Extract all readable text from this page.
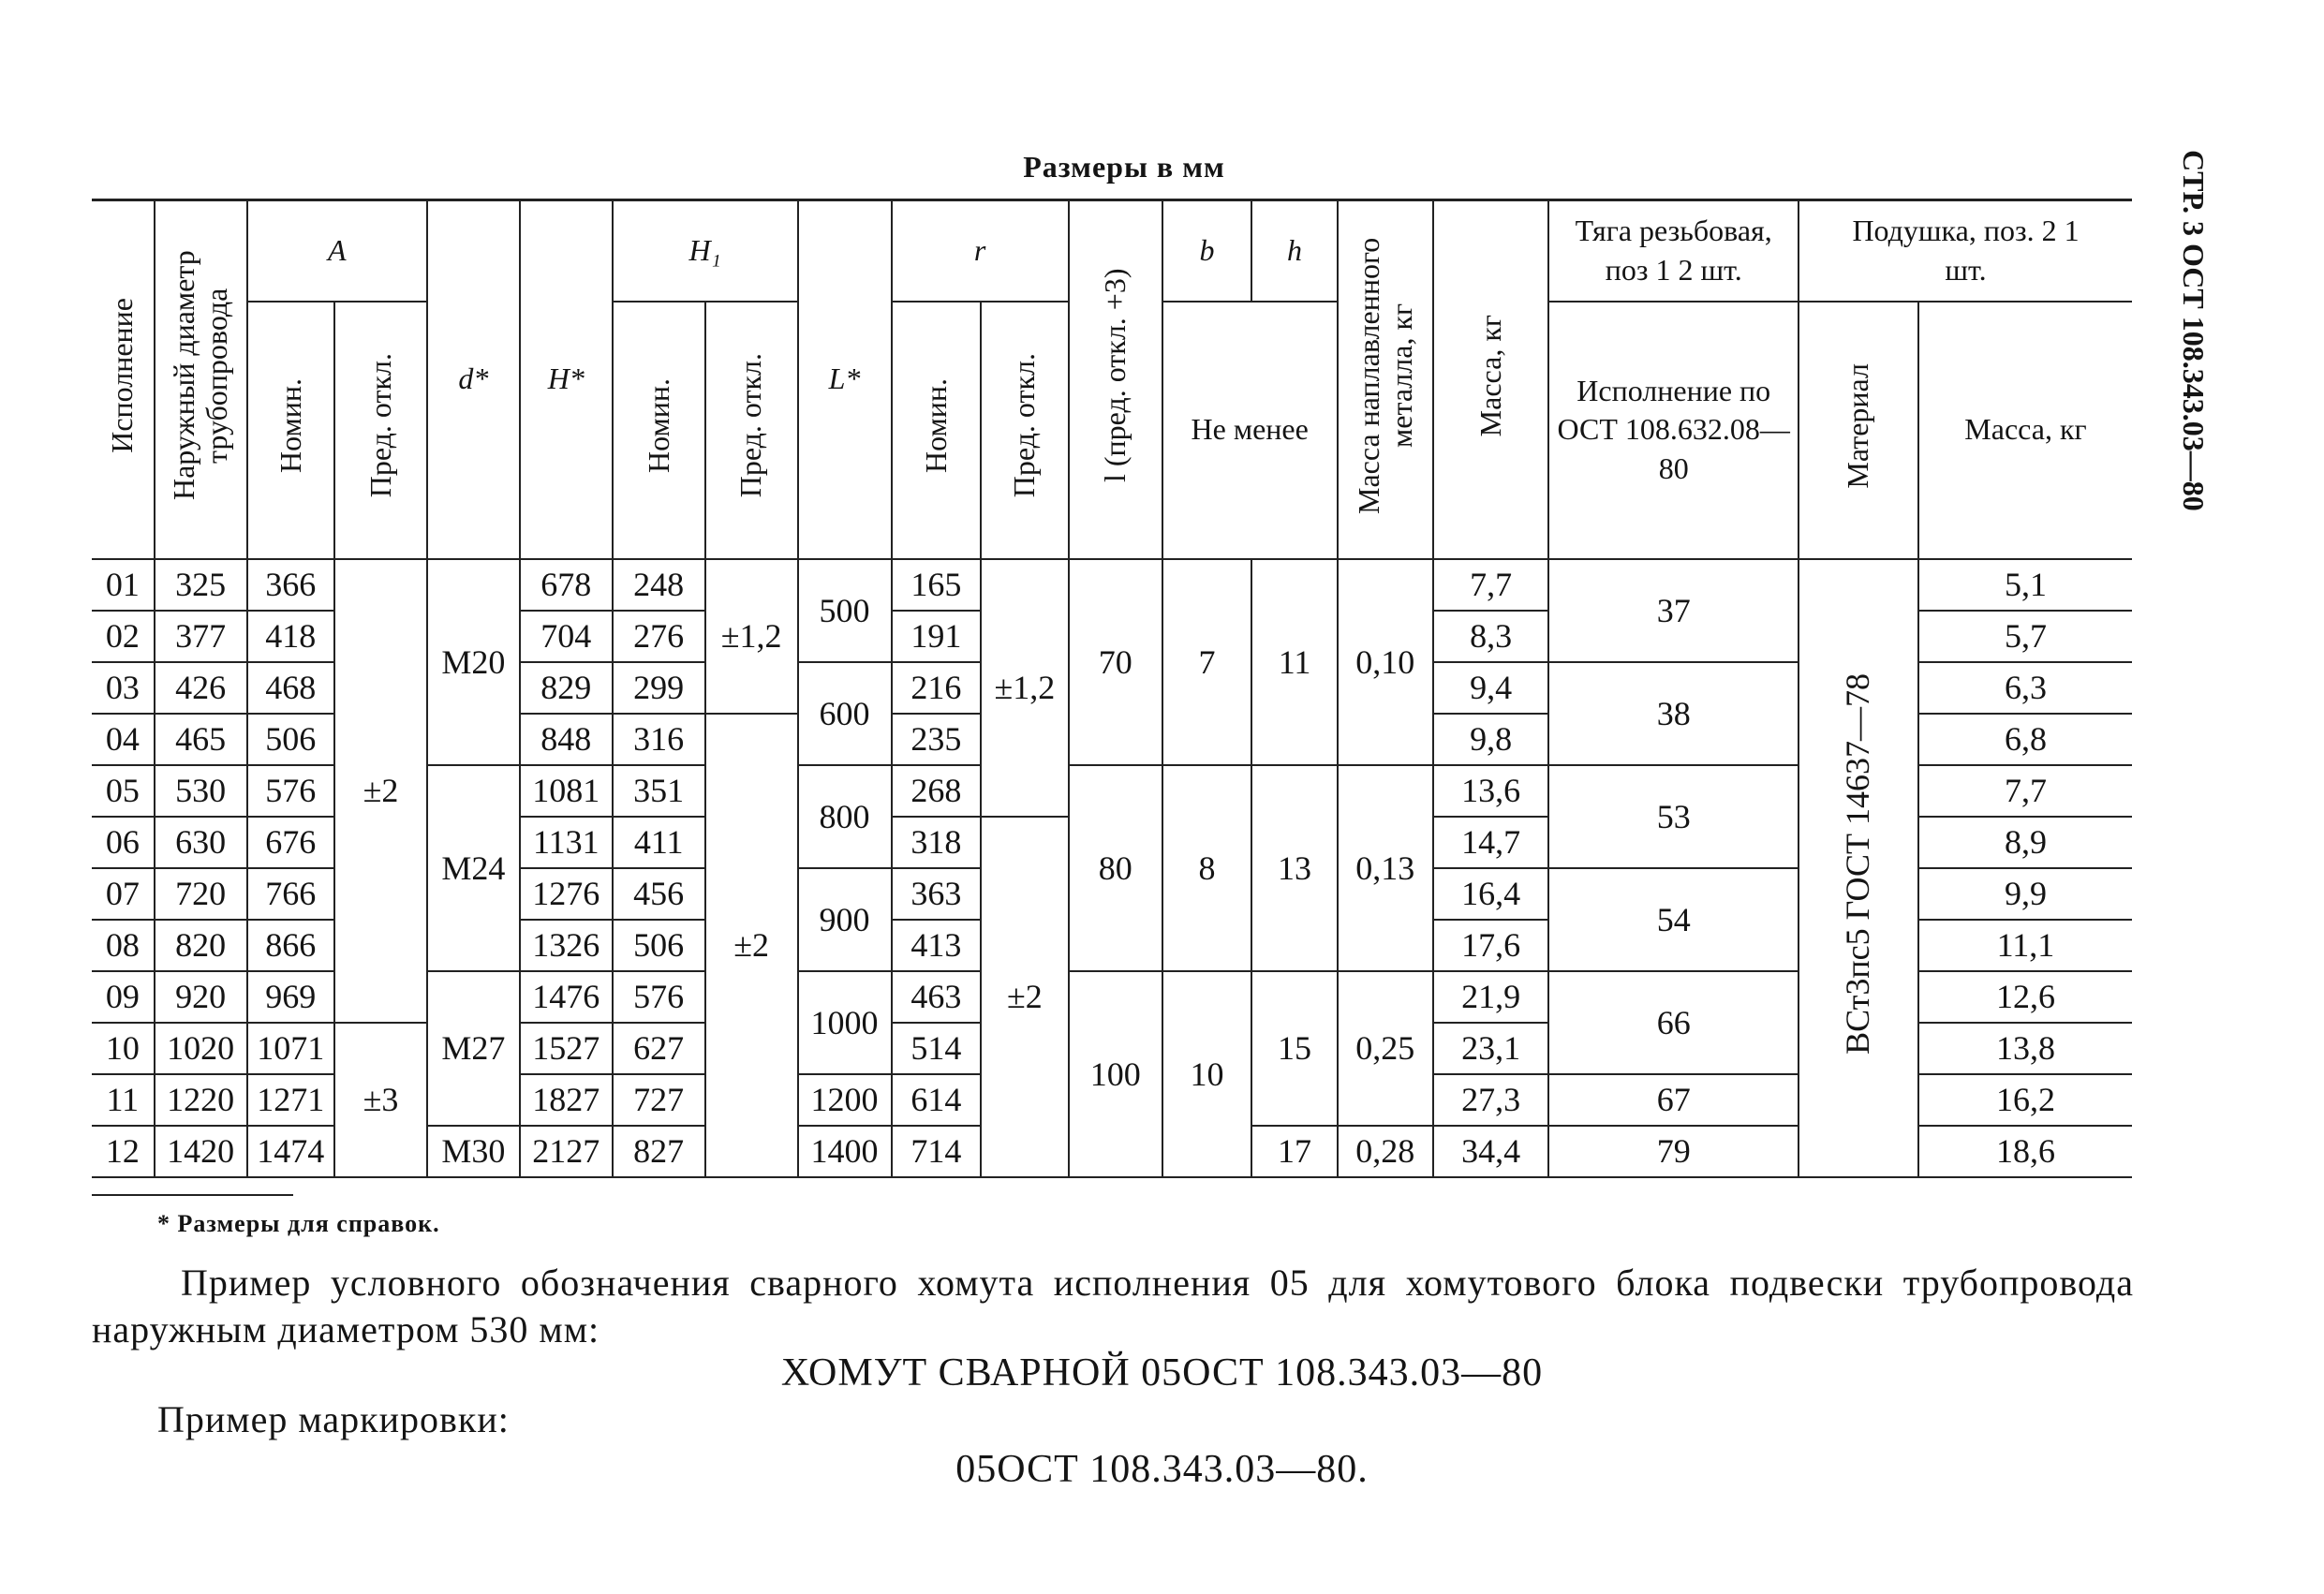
Размеры в мм	СТР. 3 ОСТ 108.343.03—80
Исполнение	Наружный диаметр трубопровода	A		d*	H*	H₁		L*	r		l (пред. откл. +3)	b	h	Масса наплавленного металла, кг	Масса, кг	Тяга резьбовая, поз 1 2 шт.	Подушка, поз. 2 1 шт.	
		Номин.	Пред. откл.			Номин.	Пред. откл.		Номин.	Пред. откл.		Не менее				Исполнение по ОСТ 108.632.08—80	Материал	Масса, кг

01	325	366	±2	M20	678	248	±1,2	500	165	±1,2	70	7	11	0,10	7,7	37	ВСт3пс5 ГОСТ 14637—78	5,1
02	377	418			704	276			191						8,3			5,7
03	426	468			829	299		600	216						9,4	38		6,3
04	465	506			848	316	±2		235						9,8			6,8
05	530	576		M24	1081	351		800	268		80	8	13	0,13	13,6	53		7,7
06	630	676			1131	411			318	±2					14,7			8,9
07	720	766			1276	456		900	363						16,4	54		9,9
08	820	866			1326	506			413						17,6			11,1
09	920	969		M27	1476	576		1000	463		100	10	15	0,25	21,9	66		12,6
10	1020	1071	±3		1527	627			514						23,1			13,8
11	1220	1271			1827	727		1200	614						27,3	67		16,2
12	1420	1474		M30	2127	827		1400	714				17	0,28	34,4	79		18,6
* Размеры для справок.
Пример условного обозначения сварного хомута исполнения 05 для хомутового блока подвески трубопровода наружным диаметром 530 мм:
ХОМУТ СВАРНОЙ 05ОСТ 108.343.03—80
Пример маркировки:
05ОСТ 108.343.03—80.
